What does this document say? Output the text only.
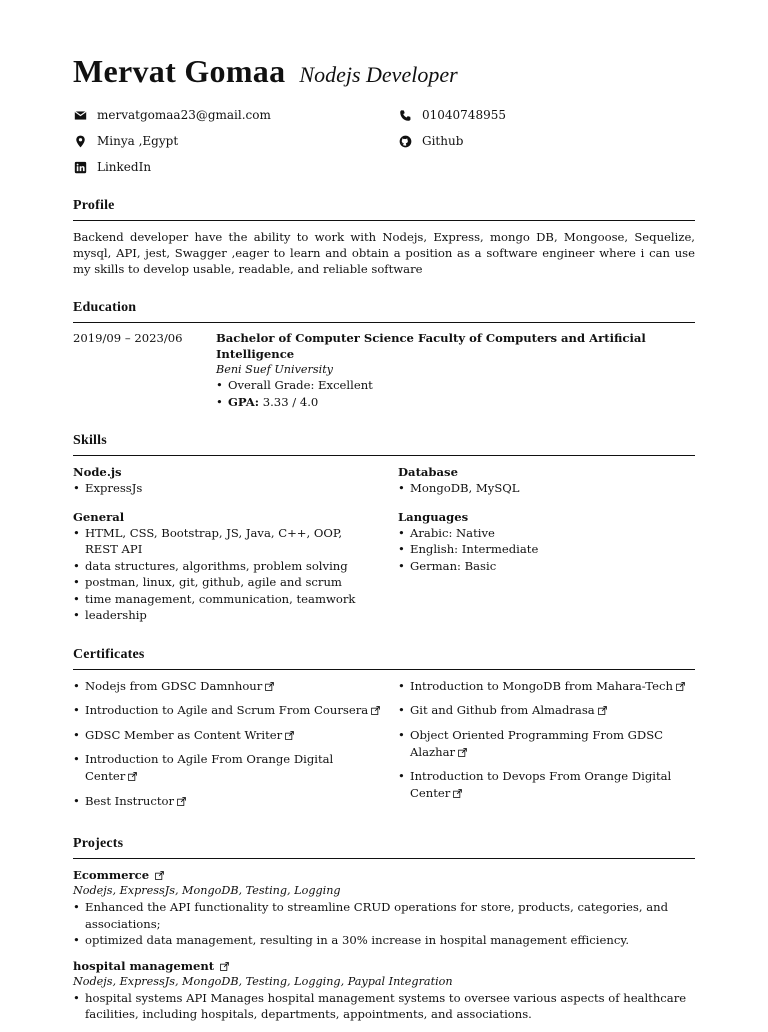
Mervat Gomaa Nodejs Developer
mervatgomaa23@gmail.com	01040748955
Minya ,Egypt	Github
LinkedIn
Profile
Backend developer have the ability to work with Nodejs, Express, mongo DB, Mongoose, Sequelize, mysql, API, jest, Swagger ,eager to learn and obtain a position as a software engineer where i can use my skills to develop usable, readable, and reliable software
Education
2019/09 – 2023/06	Bachelor of Computer Science Faculty of Computers and Artificial Intelligence
Beni Suef University
• Overall Grade: Excellent
• GPA: 3.33 / 4.0
Skills
Node.js
• ExpressJs
Database
• MongoDB, MySQL
General
• HTML, CSS, Bootstrap, JS, Java, C++, OOP, REST API
• data structures, algorithms, problem solving
• postman, linux, git, github, agile and scrum
• time management, communication, teamwork
• leadership
Languages
• Arabic: Native
• English: Intermediate
• German: Basic
Certificates
• Nodejs from GDSC Damnhour
• Introduction to Agile and Scrum From Coursera
• GDSC Member as Content Writer
• Introduction to Agile From Orange Digital Center
• Best Instructor
• Introduction to MongoDB from Mahara-Tech
• Git and Github from Almadrasa
• Object Oriented Programming From GDSC Alazhar
• Introduction to Devops From Orange Digital Center
Projects
Ecommerce
Nodejs, ExpressJs, MongoDB, Testing, Logging
• Enhanced the API functionality to streamline CRUD operations for store, products, categories, and associations;
• optimized data management, resulting in a 30% increase in hospital management efficiency.
hospital management
Nodejs, ExpressJs, MongoDB, Testing, Logging, Paypal Integration
• hospital systems API Manages hospital management systems to oversee various aspects of healthcare facilities, including hospitals, departments, appointments, and associations.
